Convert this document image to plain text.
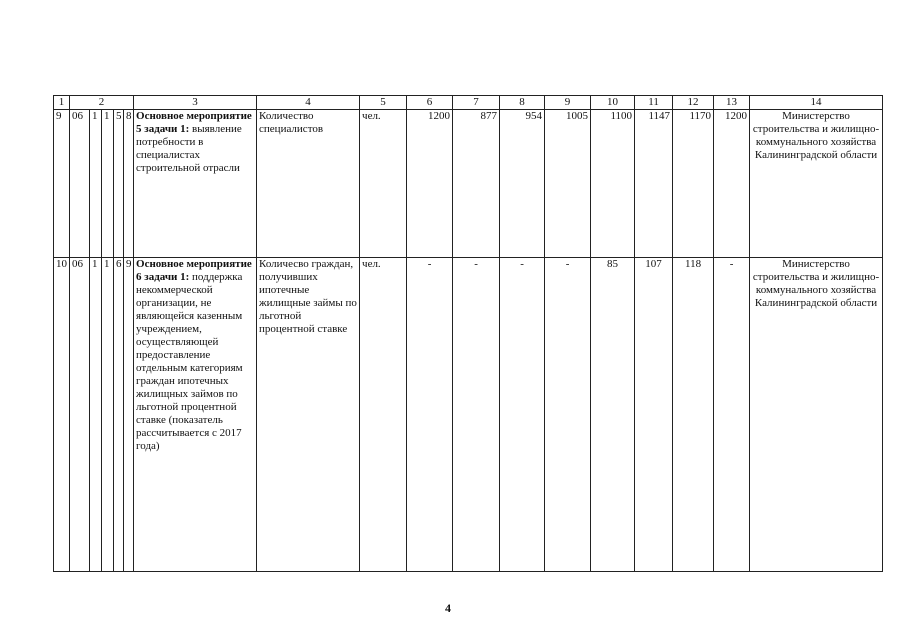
1	2					3	4	5	6	7	8	9	10	11	12	13	14
9	06	1	1	5	8	Основное мероприятие 5 задачи 1: выявление потребности в специалистах строительной отрасли	Количество специалистов	чел.	1200	877	954	1005	1100	1147	1170	1200	Министерство строительства и жилищно-коммунального хозяйства Калининградской области
10	06	1	1	6	9	Основное мероприятие 6 задачи 1: поддержка некоммерческой организации, не являющейся казенным учреждением, осуществляющей предоставление отдельным категориям граждан ипотечных жилищных займов по льготной процентной ставке (показатель рассчитывается с 2017 года)	Количесво граждан, получивших ипотечные жилищные займы по льготной процентной ставке	чел.	-	-	-	-	85	107	118	-	Министерство строительства и жилищно-коммунального хозяйства Калининградской области
4
